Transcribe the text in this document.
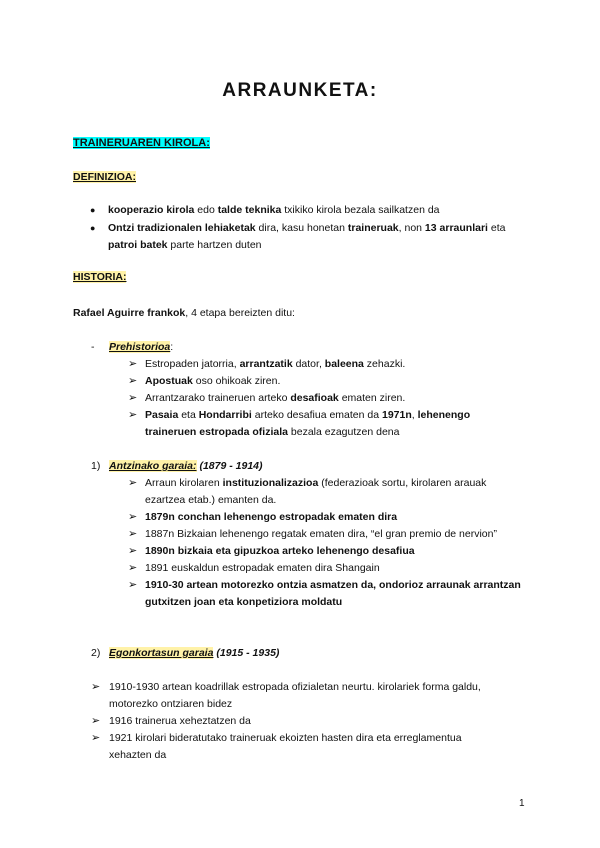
ARRAUNKETA:
TRAINERUAREN KIROLA:
DEFINIZIOA:
● kooperazio kirola edo talde teknika txikiko kirola bezala sailkatzen da
● Ontzi tradizionalen lehiaketak dira, kasu honetan traineruak, non 13 arraunlari eta
patroi batek parte hartzen duten
HISTORIA:
Rafael Aguirre frankok, 4 etapa bereizten ditu:
- Prehistorioa:
➢ Estropaden jatorria, arrantzatik dator, baleena zehazki.
➢ Apostuak oso ohikoak ziren.
➢ Arrantzarako traineruen arteko desafioak ematen ziren.
➢ Pasaia eta Hondarribi arteko desafiua ematen da 1971n, lehenengo
traineruen estropada ofiziala bezala ezagutzen dena
1) Antzinako garaia: (1879 - 1914)
➢ Arraun kirolaren instituzionalizazioa (federazioak sortu, kirolaren arauak
ezartzea etab.) emanten da.
➢ 1879n conchan lehenengo estropadak ematen dira
➢ 1887n Bizkaian lehenengo regatak ematen dira, “el gran premio de nervion”
➢ 1890n bizkaia eta gipuzkoa arteko lehenengo desafiua
➢ 1891 euskaldun estropadak ematen dira Shangain
➢ 1910-30 artean motorezko ontzia asmatzen da, ondorioz arraunak arrantzan
gutxitzen joan eta konpetiziora moldatu
2) Egonkortasun garaia (1915 - 1935)
➢ 1910-1930 artean koadrillak estropada ofizialetan neurtu. kirolariek forma galdu,
motorezko ontziaren bidez
➢ 1916 trainerua xeheztatzen da
➢ 1921 kirolari bideratutako traineruak ekoizten hasten dira eta erreglamentua
xehazten da
1
